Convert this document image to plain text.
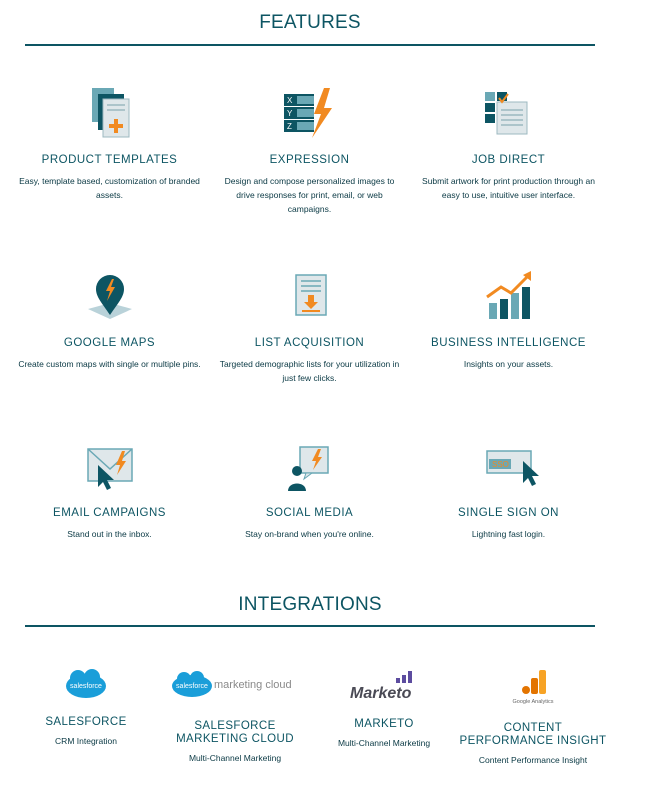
FEATURES
PRODUCT TEMPLATES
Easy, template based, customization of branded assets.
X
Y
Z
EXPRESSION
Design and compose personalized images to drive responses for print, email, or web campaigns.
JOB DIRECT
Submit artwork for print production through an easy to use, intuitive user interface.
GOOGLE MAPS
Create custom maps with single or multiple pins.
LIST ACQUISITION
Targeted demographic lists for your utilization in just few clicks.
BUSINESS INTELLIGENCE
Insights on your assets.
EMAIL CAMPAIGNS
Stand out in the inbox.
SOCIAL MEDIA
Stay on-brand when you're online.
SSO
SINGLE SIGN ON
Lightning fast login.
INTEGRATIONS
salesforce
SALESFORCE
CRM Integration
salesforce marketing cloud
SALESFORCE MARKETING CLOUD
Multi-Channel Marketing
Marketo
MARKETO
Multi-Channel Marketing
Google Analytics
CONTENT PERFORMANCE INSIGHT
Content Performance Insight
